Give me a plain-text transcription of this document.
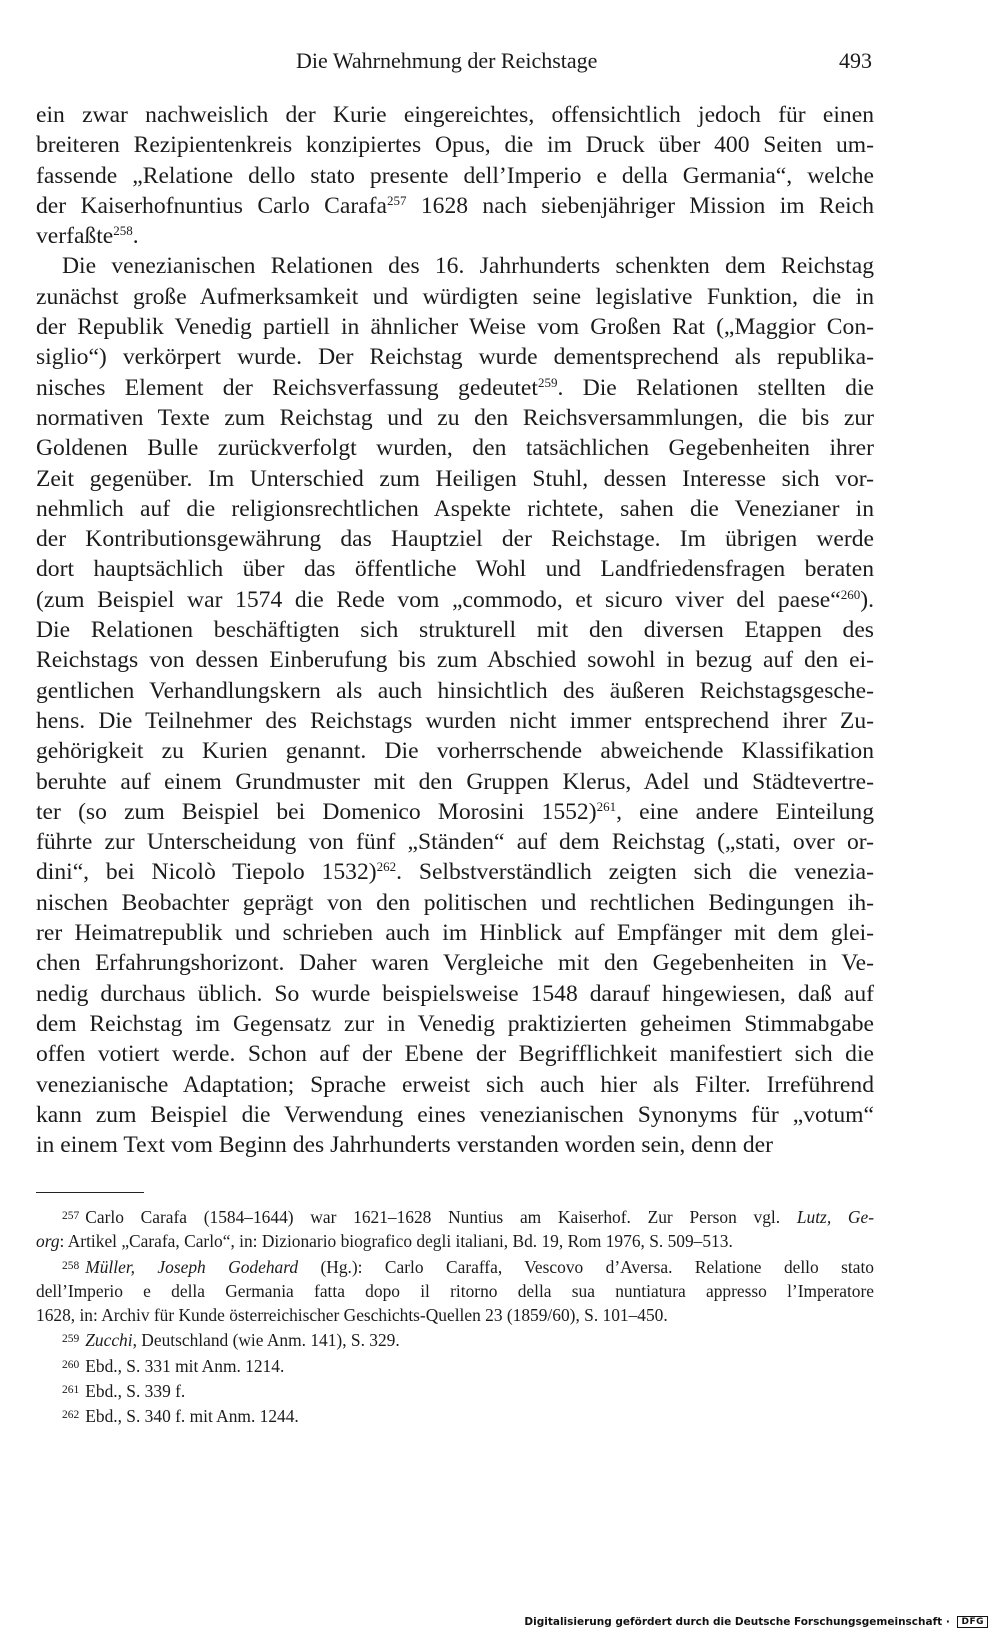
Die Wahrnehmung der Reichstage	493
ein zwar nachweislich der Kurie eingereichtes, offensichtlich jedoch für einen
breiteren Rezipientenkreis konzipiertes Opus, die im Druck über 400 Seiten um-
fassende „Relatione dello stato presente dell’Imperio e della Germania“, welche
der Kaiserhofnuntius Carlo Carafa$^{257}$ 1628 nach siebenjähriger Mission im Reich
verfaßte$^{258}$.
Die venezianischen Relationen des 16. Jahrhunderts schenkten dem Reichstag
zunächst große Aufmerksamkeit und würdigten seine legislative Funktion, die in
der Republik Venedig partiell in ähnlicher Weise vom Großen Rat („Maggior Con-
siglio“) verkörpert wurde. Der Reichstag wurde dementsprechend als republika-
nisches Element der Reichsverfassung gedeutet$^{259}$. Die Relationen stellten die
normativen Texte zum Reichstag und zu den Reichsversammlungen, die bis zur
Goldenen Bulle zurückverfolgt wurden, den tatsächlichen Gegebenheiten ihrer
Zeit gegenüber. Im Unterschied zum Heiligen Stuhl, dessen Interesse sich vor-
nehmlich auf die religionsrechtlichen Aspekte richtete, sahen die Venezianer in
der Kontributionsgewährung das Hauptziel der Reichstage. Im übrigen werde
dort hauptsächlich über das öffentliche Wohl und Landfriedensfragen beraten
(zum Beispiel war 1574 die Rede vom „commodo, et sicuro viver del paese“$^{260}$).
Die Relationen beschäftigten sich strukturell mit den diversen Etappen des
Reichstags von dessen Einberufung bis zum Abschied sowohl in bezug auf den ei-
gentlichen Verhandlungskern als auch hinsichtlich des äußeren Reichstagsgesche-
hens. Die Teilnehmer des Reichstags wurden nicht immer entsprechend ihrer Zu-
gehörigkeit zu Kurien genannt. Die vorherrschende abweichende Klassifikation
beruhte auf einem Grundmuster mit den Gruppen Klerus, Adel und Städtevertre-
ter (so zum Beispiel bei Domenico Morosini 1552)$^{261}$, eine andere Einteilung
führte zur Unterscheidung von fünf „Ständen“ auf dem Reichstag („stati, over or-
dini“, bei Nicolò Tiepolo 1532)$^{262}$. Selbstverständlich zeigten sich die venezia-
nischen Beobachter geprägt von den politischen und rechtlichen Bedingungen ih-
rer Heimatrepublik und schrieben auch im Hinblick auf Empfänger mit dem glei-
chen Erfahrungshorizont. Daher waren Vergleiche mit den Gegebenheiten in Ve-
nedig durchaus üblich. So wurde beispielsweise 1548 darauf hingewiesen, daß auf
dem Reichstag im Gegensatz zur in Venedig praktizierten geheimen Stimmabgabe
offen votiert werde. Schon auf der Ebene der Begrifflichkeit manifestiert sich die
venezianische Adaptation; Sprache erweist sich auch hier als Filter. Irreführend
kann zum Beispiel die Verwendung eines venezianischen Synonyms für „votum“
in einem Text vom Beginn des Jahrhunderts verstanden worden sein, denn der
$^{257}$ Carlo Carafa (1584–1644) war 1621–1628 Nuntius am Kaiserhof. Zur Person vgl. Lutz, Ge-
org: Artikel „Carafa, Carlo“, in: Dizionario biografico degli italiani, Bd. 19, Rom 1976, S. 509–513.
$^{258}$ Müller, Joseph Godehard (Hg.): Carlo Caraffa, Vescovo d’Aversa. Relatione dello stato
dell’Imperio e della Germania fatta dopo il ritorno della sua nuntiatura appresso l’Imperatore
1628, in: Archiv für Kunde österreichischer Geschichts-Quellen 23 (1859/60), S. 101–450.
$^{259}$ Zucchi, Deutschland (wie Anm. 141), S. 329.
$^{260}$ Ebd., S. 331 mit Anm. 1214.
$^{261}$ Ebd., S. 339 f.
$^{262}$ Ebd., S. 340 f. mit Anm. 1244.
Digitalisierung gefördert durch die Deutsche Forschungsgemeinschaft · DFG
